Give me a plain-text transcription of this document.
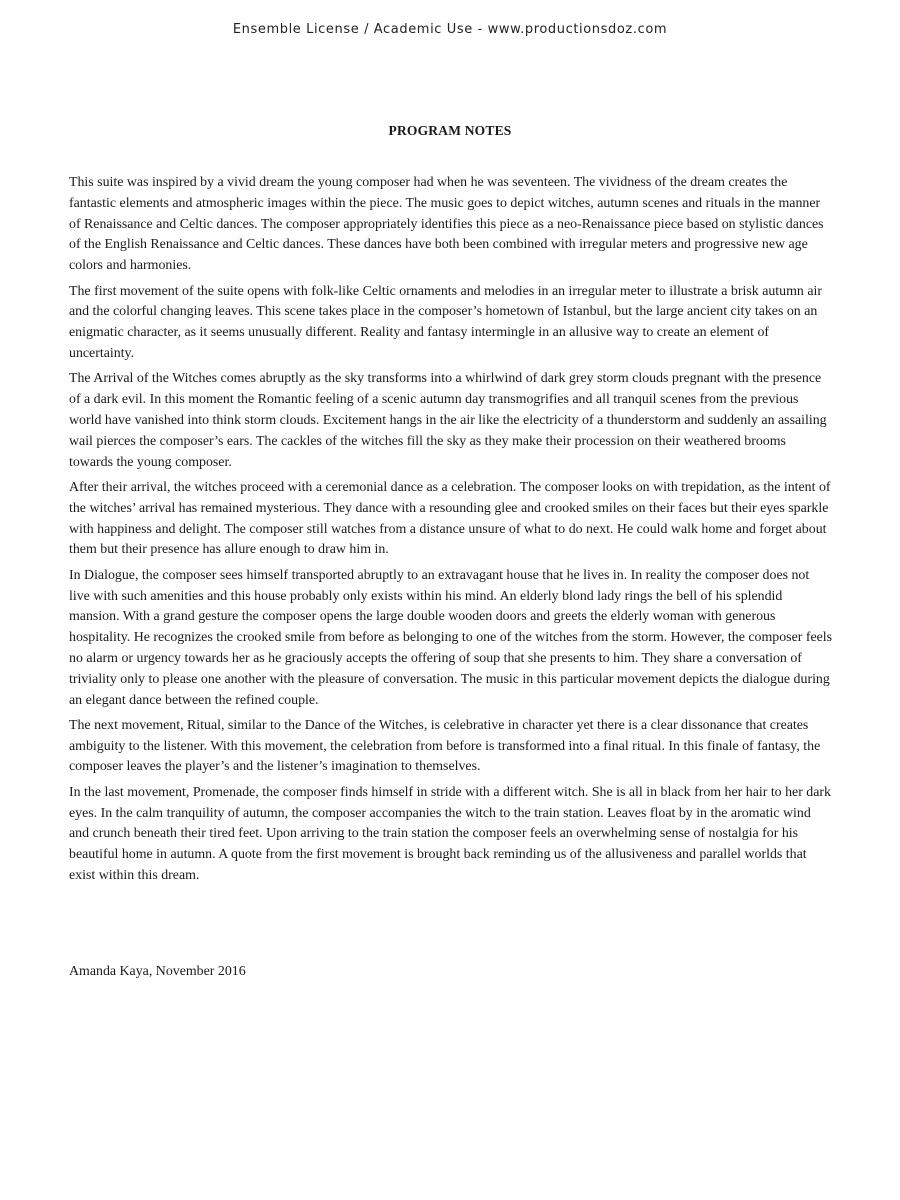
Ensemble License / Academic Use - www.productionsdoz.com
PROGRAM NOTES

This suite was inspired by a vivid dream the young composer had when he was seventeen. The vividness of the dream creates the fantastic elements and atmospheric images within the piece. The music goes to depict witches, autumn scenes and rituals in the manner of Renaissance and Celtic dances. The composer appropriately identifies this piece as a neo-Renaissance piece based on stylistic dances of the English Renaissance and Celtic dances. These dances have both been combined with irregular meters and progressive new age colors and harmonies.

The first movement of the suite opens with folk-like Celtic ornaments and melodies in an irregular meter to illustrate a brisk autumn air and the colorful changing leaves. This scene takes place in the composer’s hometown of Istanbul, but the large ancient city takes on an enigmatic character, as it seems unusually different. Reality and fantasy intermingle in an allusive way to create an element of uncertainty.

The Arrival of the Witches comes abruptly as the sky transforms into a whirlwind of dark grey storm clouds pregnant with the presence of a dark evil. In this moment the Romantic feeling of a scenic autumn day transmogrifies and all tranquil scenes from the previous world have vanished into think storm clouds. Excitement hangs in the air like the electricity of a thunderstorm and suddenly an assailing wail pierces the composer’s ears. The cackles of the witches fill the sky as they make their procession on their weathered brooms towards the young composer.

After their arrival, the witches proceed with a ceremonial dance as a celebration. The composer looks on with trepidation, as the intent of the witches’ arrival has remained mysterious. They dance with a resounding glee and crooked smiles on their faces but their eyes sparkle with happiness and delight. The composer still watches from a distance unsure of what to do next. He could walk home and forget about them but their presence has allure enough to draw him in.

In Dialogue, the composer sees himself transported abruptly to an extravagant house that he lives in. In reality the composer does not live with such amenities and this house probably only exists within his mind. An elderly blond lady rings the bell of his splendid mansion. With a grand gesture the composer opens the large double wooden doors and greets the elderly woman with generous hospitality. He recognizes the crooked smile from before as belonging to one of the witches from the storm. However, the composer feels no alarm or urgency towards her as he graciously accepts the offering of soup that she presents to him. They share a conversation of triviality only to please one another with the pleasure of conversation. The music in this particular movement depicts the dialogue during an elegant dance between the refined couple.

The next movement, Ritual, similar to the Dance of the Witches, is celebrative in character yet there is a clear dissonance that creates ambiguity to the listener. With this movement, the celebration from before is transformed into a final ritual. In this finale of fantasy, the composer leaves the player’s and the listener’s imagination to themselves.

In the last movement, Promenade, the composer finds himself in stride with a different witch. She is all in black from her hair to her dark eyes. In the calm tranquility of autumn, the composer accompanies the witch to the train station. Leaves float by in the aromatic wind and crunch beneath their tired feet. Upon arriving to the train station the composer feels an overwhelming sense of nostalgia for his beautiful home in autumn. A quote from the first movement is brought back reminding us of the allusiveness and parallel worlds that exist within this dream.

Amanda Kaya, November 2016
